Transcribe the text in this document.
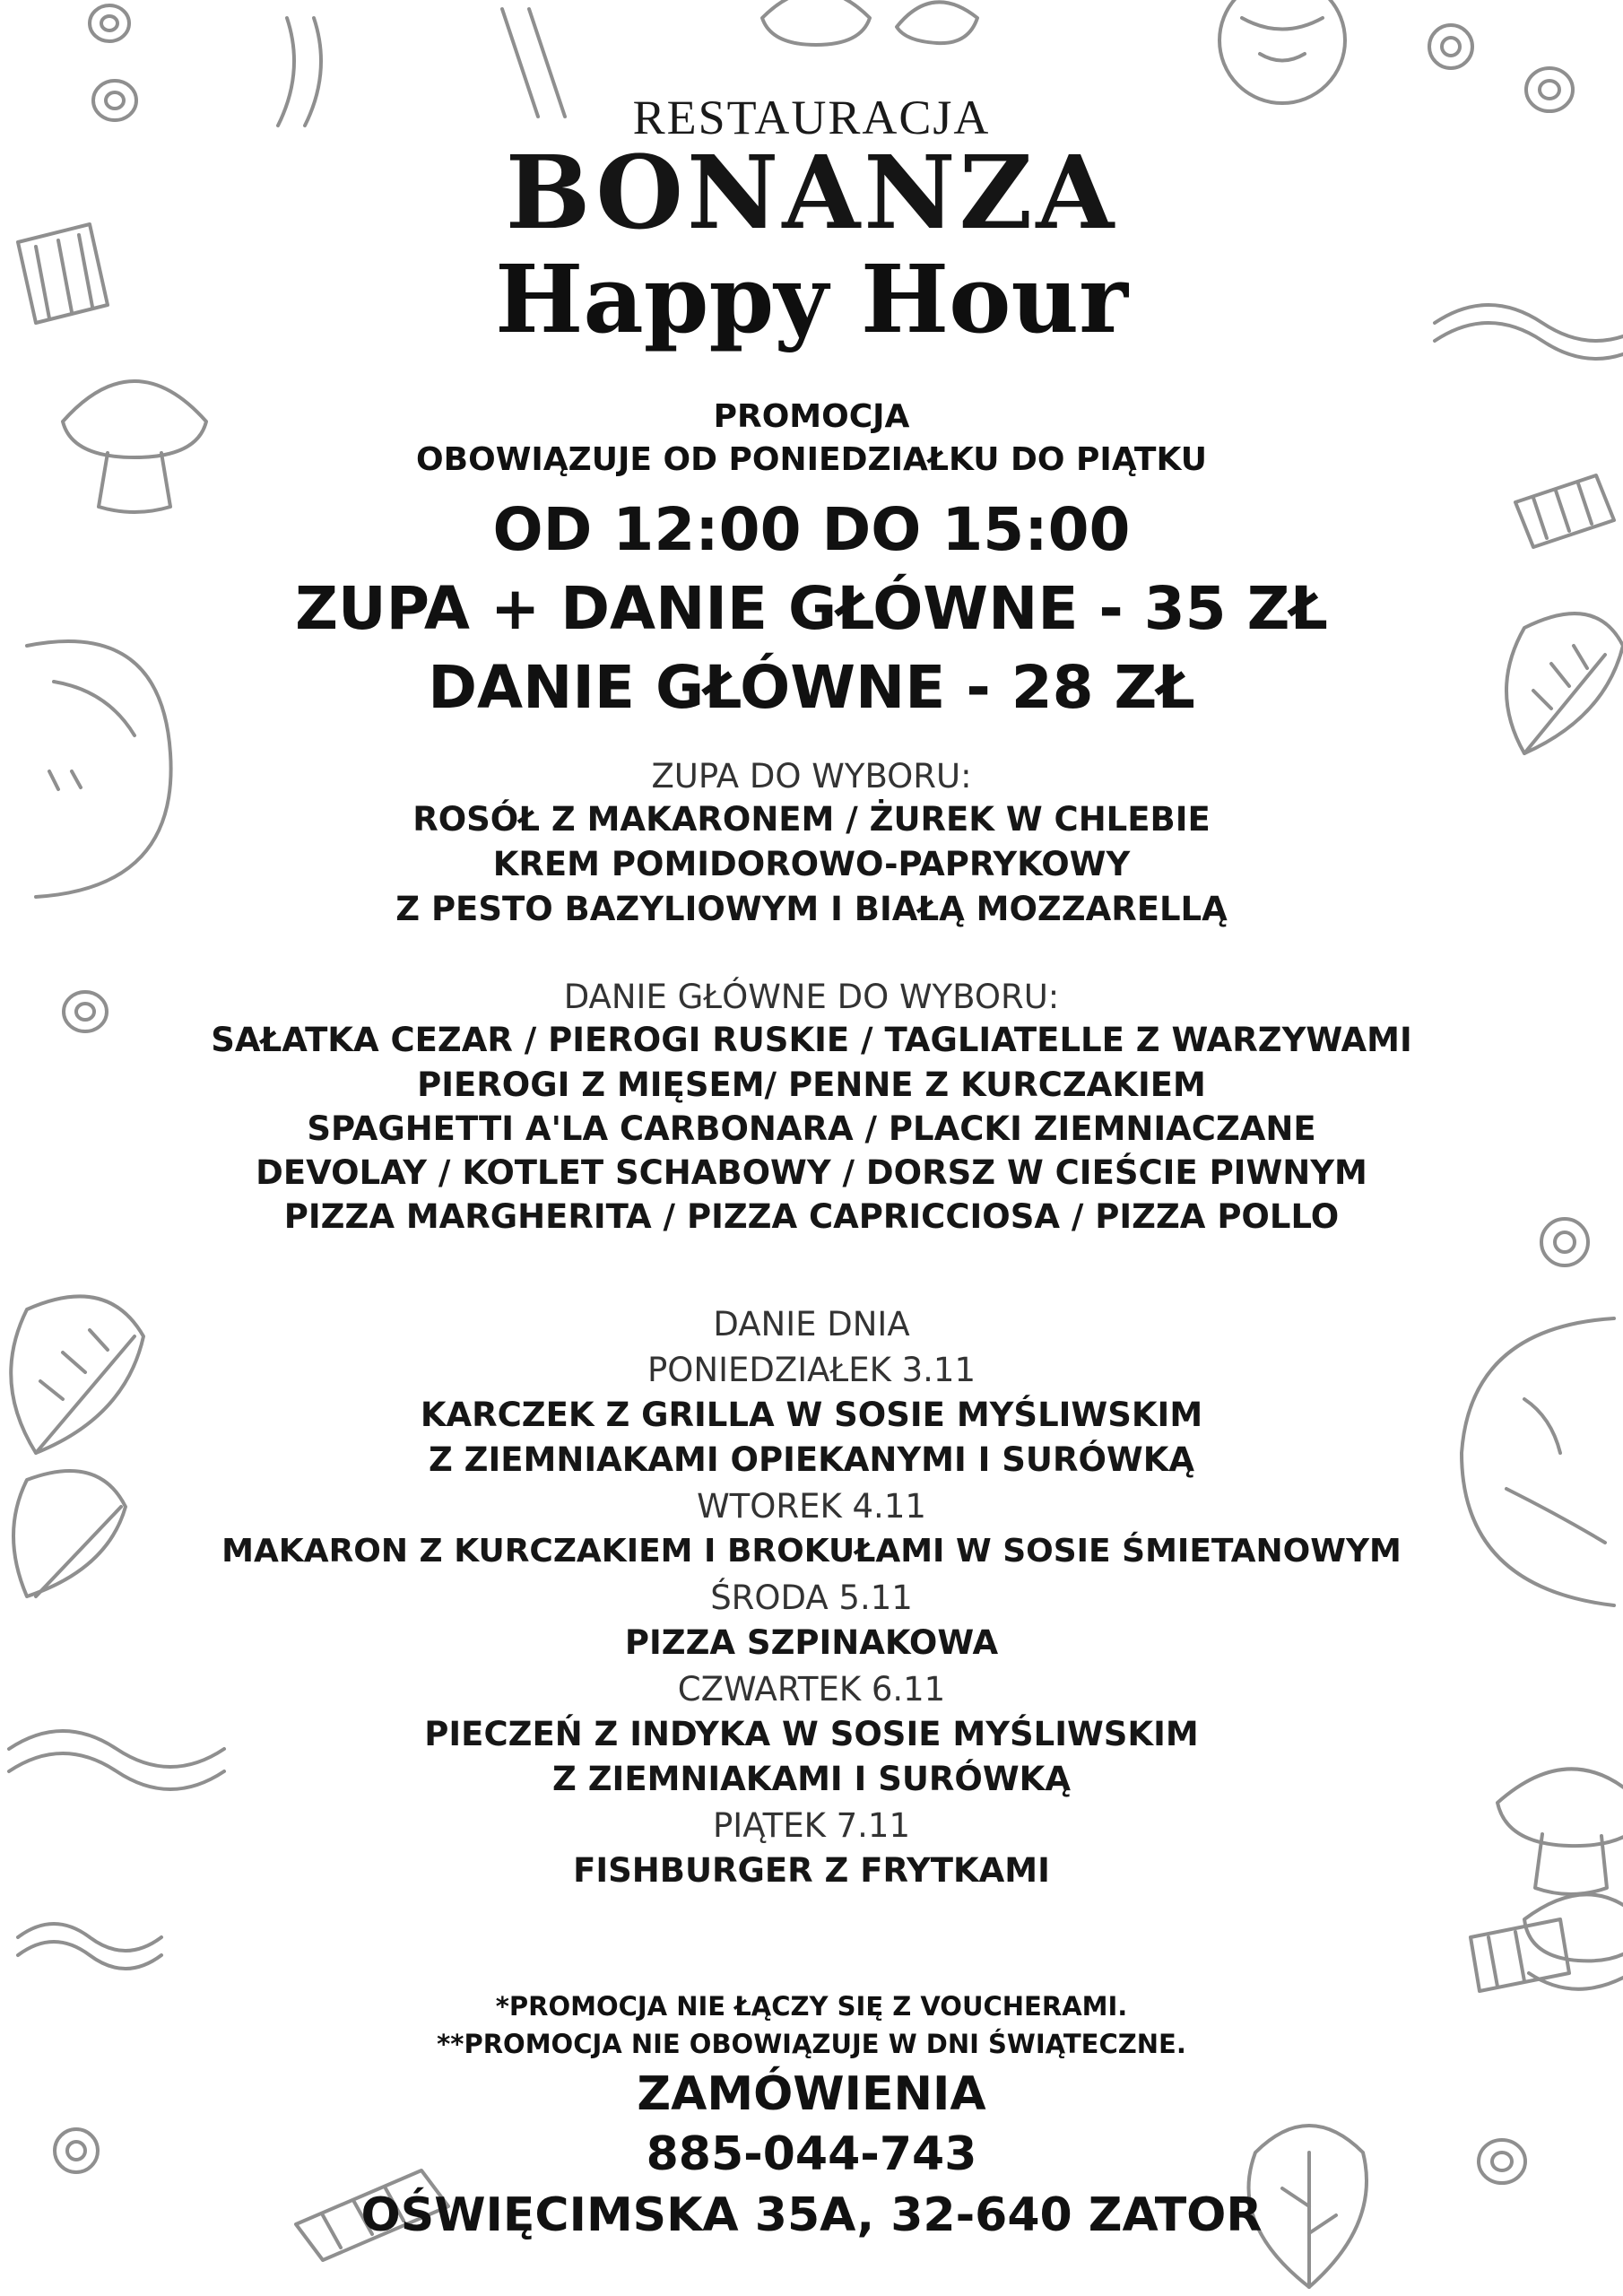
RESTAURACJA
BONANZA
Happy Hour
PROMOCJA
OBOWIĄZUJE OD PONIEDZIAŁKU DO PIĄTKU
OD 12:00 DO 15:00
ZUPA + DANIE GŁÓWNE - 35 ZŁ
DANIE GŁÓWNE - 28 ZŁ
ZUPA DO WYBORU:
ROSÓŁ Z MAKARONEM / ŻUREK W CHLEBIE
KREM POMIDOROWO-PAPRYKOWY
Z PESTO BAZYLIOWYM I BIAŁĄ MOZZARELLĄ
DANIE GŁÓWNE DO WYBORU:
SAŁATKA CEZAR / PIEROGI RUSKIE / TAGLIATELLE Z WARZYWAMI
PIEROGI Z MIĘSEM/ PENNE Z KURCZAKIEM
SPAGHETTI A'LA CARBONARA / PLACKI ZIEMNIACZANE
DEVOLAY / KOTLET SCHABOWY / DORSZ W CIEŚCIE PIWNYM
PIZZA MARGHERITA / PIZZA CAPRICCIOSA / PIZZA POLLO
DANIE DNIA
PONIEDZIAŁEK 3.11
KARCZEK Z GRILLA W SOSIE MYŚLIWSKIM
Z ZIEMNIAKAMI OPIEKANYMI I SURÓWKĄ
WTOREK 4.11
MAKARON Z KURCZAKIEM I BROKUŁAMI W SOSIE ŚMIETANOWYM
ŚRODA 5.11
PIZZA SZPINAKOWA
CZWARTEK 6.11
PIECZEŃ Z INDYKA W SOSIE MYŚLIWSKIM
Z ZIEMNIAKAMI I SURÓWKĄ
PIĄTEK 7.11
FISHBURGER Z FRYTKAMI
*PROMOCJA NIE ŁĄCZY SIĘ Z VOUCHERAMI.
**PROMOCJA NIE OBOWIĄZUJE W DNI ŚWIĄTECZNE.
ZAMÓWIENIA
885-044-743
OŚWIĘCIMSKA 35A, 32-640 ZATOR
